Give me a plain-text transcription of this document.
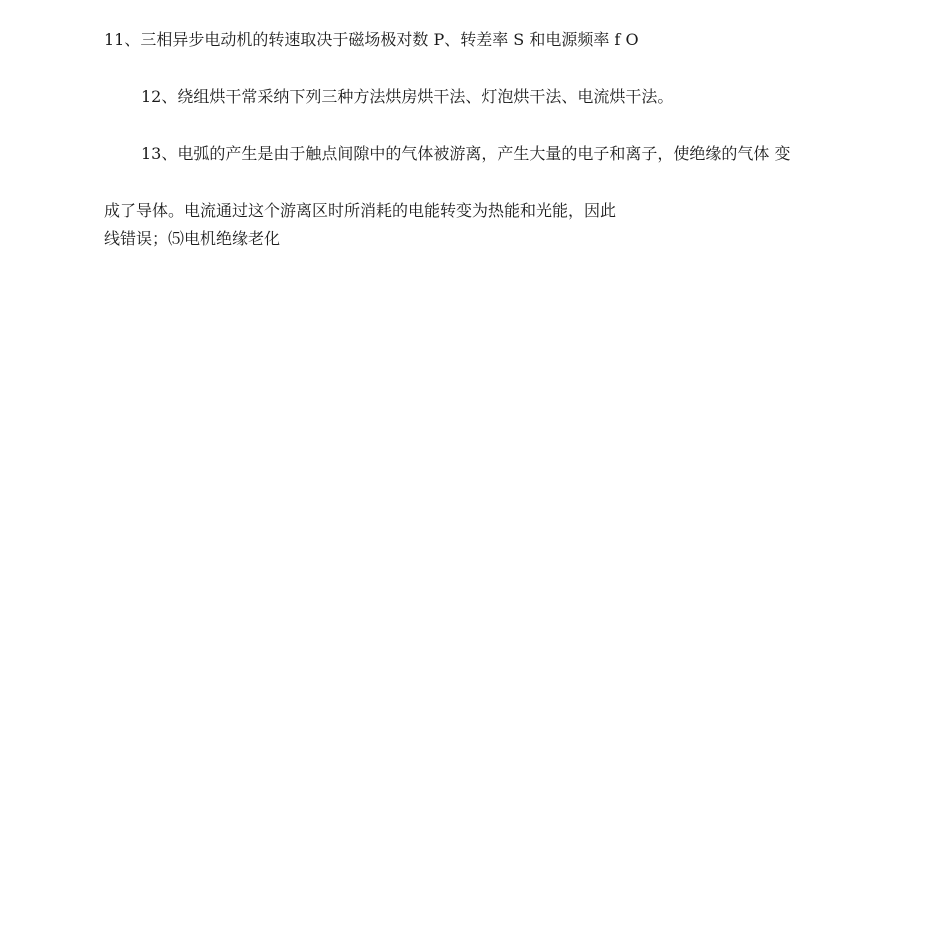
11、三相异步电动机的转速取决于磁场极对数 P、转差率 S 和电源频率 f O
12、绕组烘干常采纳下列三种方法烘房烘干法、灯泡烘干法、电流烘干法。
13、电弧的产生是由于触点间隙中的气体被游离，产生大量的电子和离子，使绝缘的气体 变
成了导体。电流通过这个游离区时所消耗的电能转变为热能和光能，因此
线错误；⑸电机绝缘老化
